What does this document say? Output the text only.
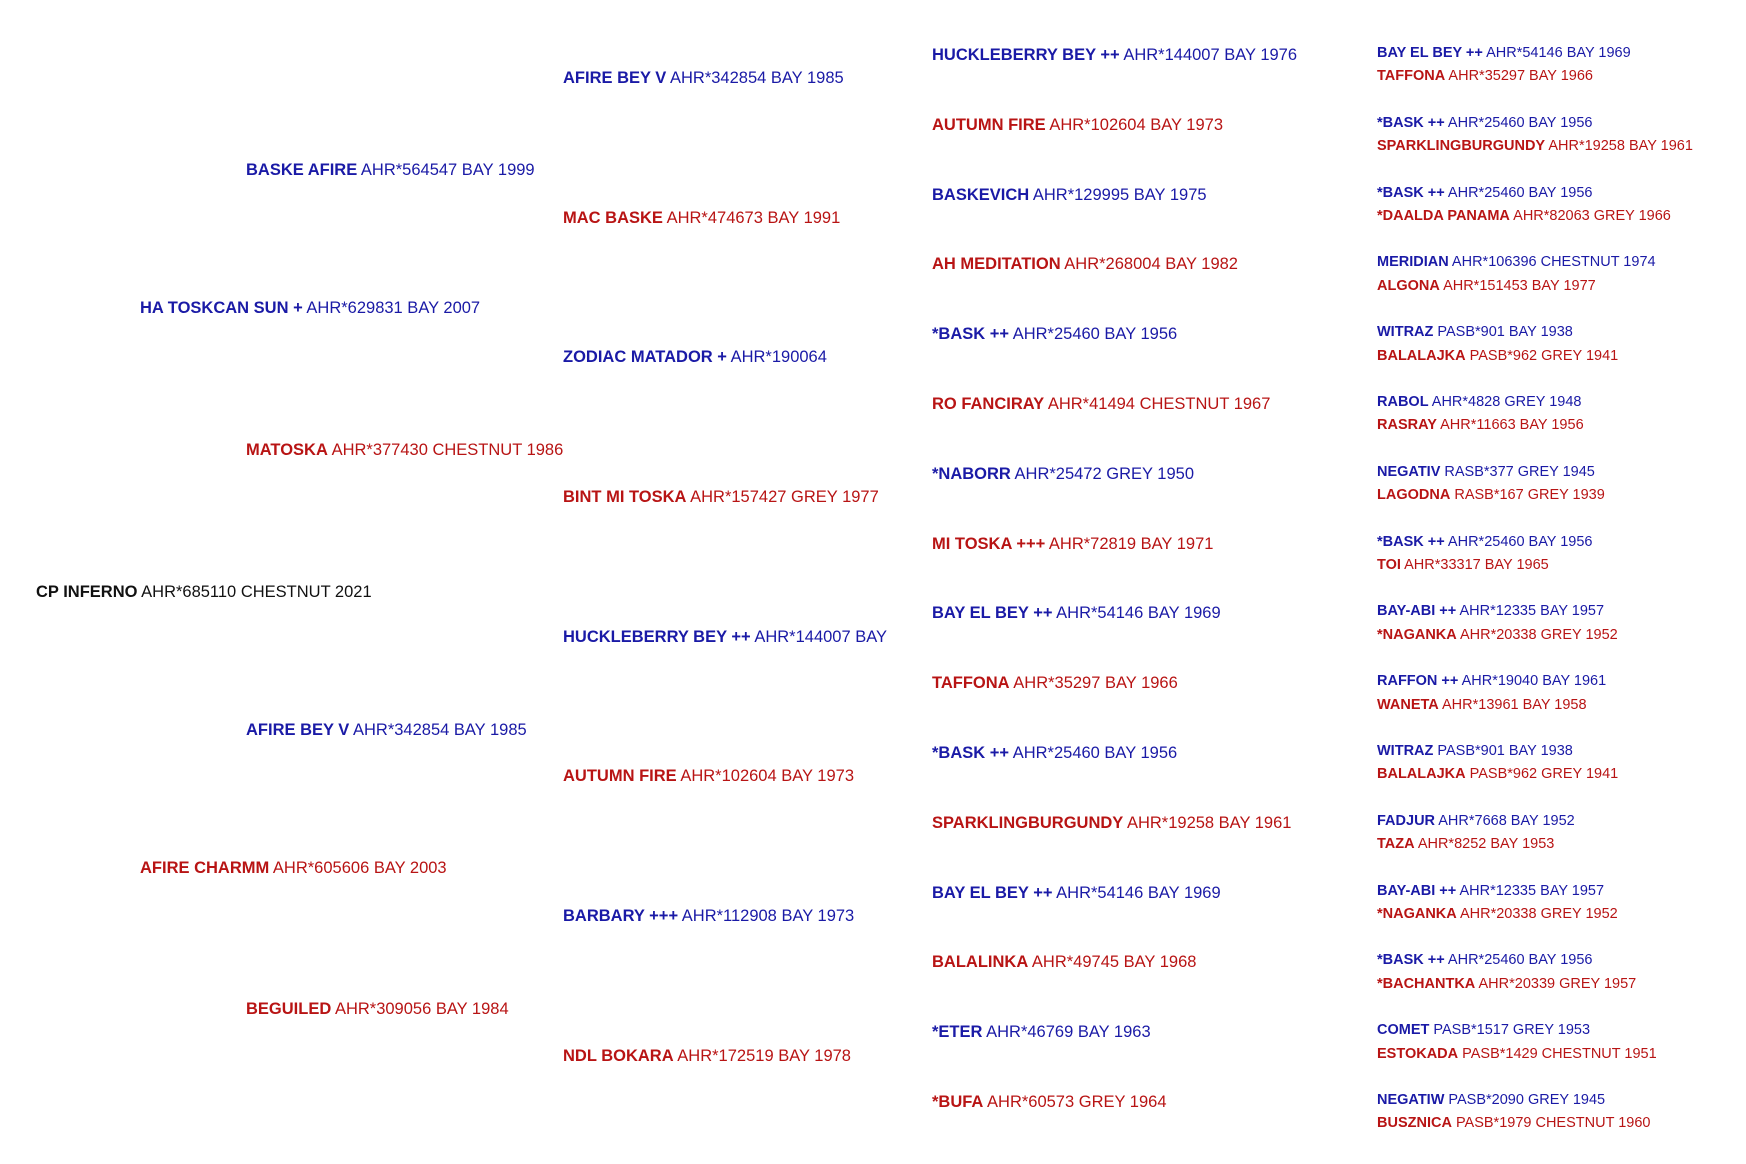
CP INFERNO AHR*685110 CHESTNUT 2021
HA TOSKCAN SUN + AHR*629831 BAY 2007
AFIRE CHARMM AHR*605606 BAY 2003
BASKE AFIRE AHR*564547 BAY 1999
MATOSKA AHR*377430 CHESTNUT 1986
AFIRE BEY V AHR*342854 BAY 1985
BEGUILED AHR*309056 BAY 1984
AFIRE BEY V AHR*342854 BAY 1985
MAC BASKE AHR*474673 BAY 1991
ZODIAC MATADOR + AHR*190064
BINT MI TOSKA AHR*157427 GREY 1977
HUCKLEBERRY BEY ++ AHR*144007 BAY
AUTUMN FIRE AHR*102604 BAY 1973
BARBARY +++ AHR*112908 BAY 1973
NDL BOKARA AHR*172519 BAY 1978
HUCKLEBERRY BEY ++ AHR*144007 BAY 1976
AUTUMN FIRE AHR*102604 BAY 1973
BASKEVICH AHR*129995 BAY 1975
AH MEDITATION AHR*268004 BAY 1982
*BASK ++ AHR*25460 BAY 1956
RO FANCIRAY AHR*41494 CHESTNUT 1967
*NABORR AHR*25472 GREY 1950
MI TOSKA +++ AHR*72819 BAY 1971
BAY EL BEY ++ AHR*54146 BAY 1969
TAFFONA AHR*35297 BAY 1966
*BASK ++ AHR*25460 BAY 1956
SPARKLINGBURGUNDY AHR*19258 BAY 1961
BAY EL BEY ++ AHR*54146 BAY 1969
BALALINKA AHR*49745 BAY 1968
*ETER AHR*46769 BAY 1963
*BUFA AHR*60573 GREY 1964
BAY EL BEY ++ AHR*54146 BAY 1969
TAFFONA AHR*35297 BAY 1966
*BASK ++ AHR*25460 BAY 1956
SPARKLINGBURGUNDY AHR*19258 BAY 1961
*BASK ++ AHR*25460 BAY 1956
*DAALDA PANAMA AHR*82063 GREY 1966
MERIDIAN AHR*106396 CHESTNUT 1974
ALGONA AHR*151453 BAY 1977
WITRAZ PASB*901 BAY 1938
BALALAJKA PASB*962 GREY 1941
RABOL AHR*4828 GREY 1948
RASRAY AHR*11663 BAY 1956
NEGATIV RASB*377 GREY 1945
LAGODNA RASB*167 GREY 1939
*BASK ++ AHR*25460 BAY 1956
TOI AHR*33317 BAY 1965
BAY-ABI ++ AHR*12335 BAY 1957
*NAGANKA AHR*20338 GREY 1952
RAFFON ++ AHR*19040 BAY 1961
WANETA AHR*13961 BAY 1958
WITRAZ PASB*901 BAY 1938
BALALAJKA PASB*962 GREY 1941
FADJUR AHR*7668 BAY 1952
TAZA AHR*8252 BAY 1953
BAY-ABI ++ AHR*12335 BAY 1957
*NAGANKA AHR*20338 GREY 1952
*BASK ++ AHR*25460 BAY 1956
*BACHANTKA AHR*20339 GREY 1957
COMET PASB*1517 GREY 1953
ESTOKADA PASB*1429 CHESTNUT 1951
NEGATIW PASB*2090 GREY 1945
BUSZNICA PASB*1979 CHESTNUT 1960
